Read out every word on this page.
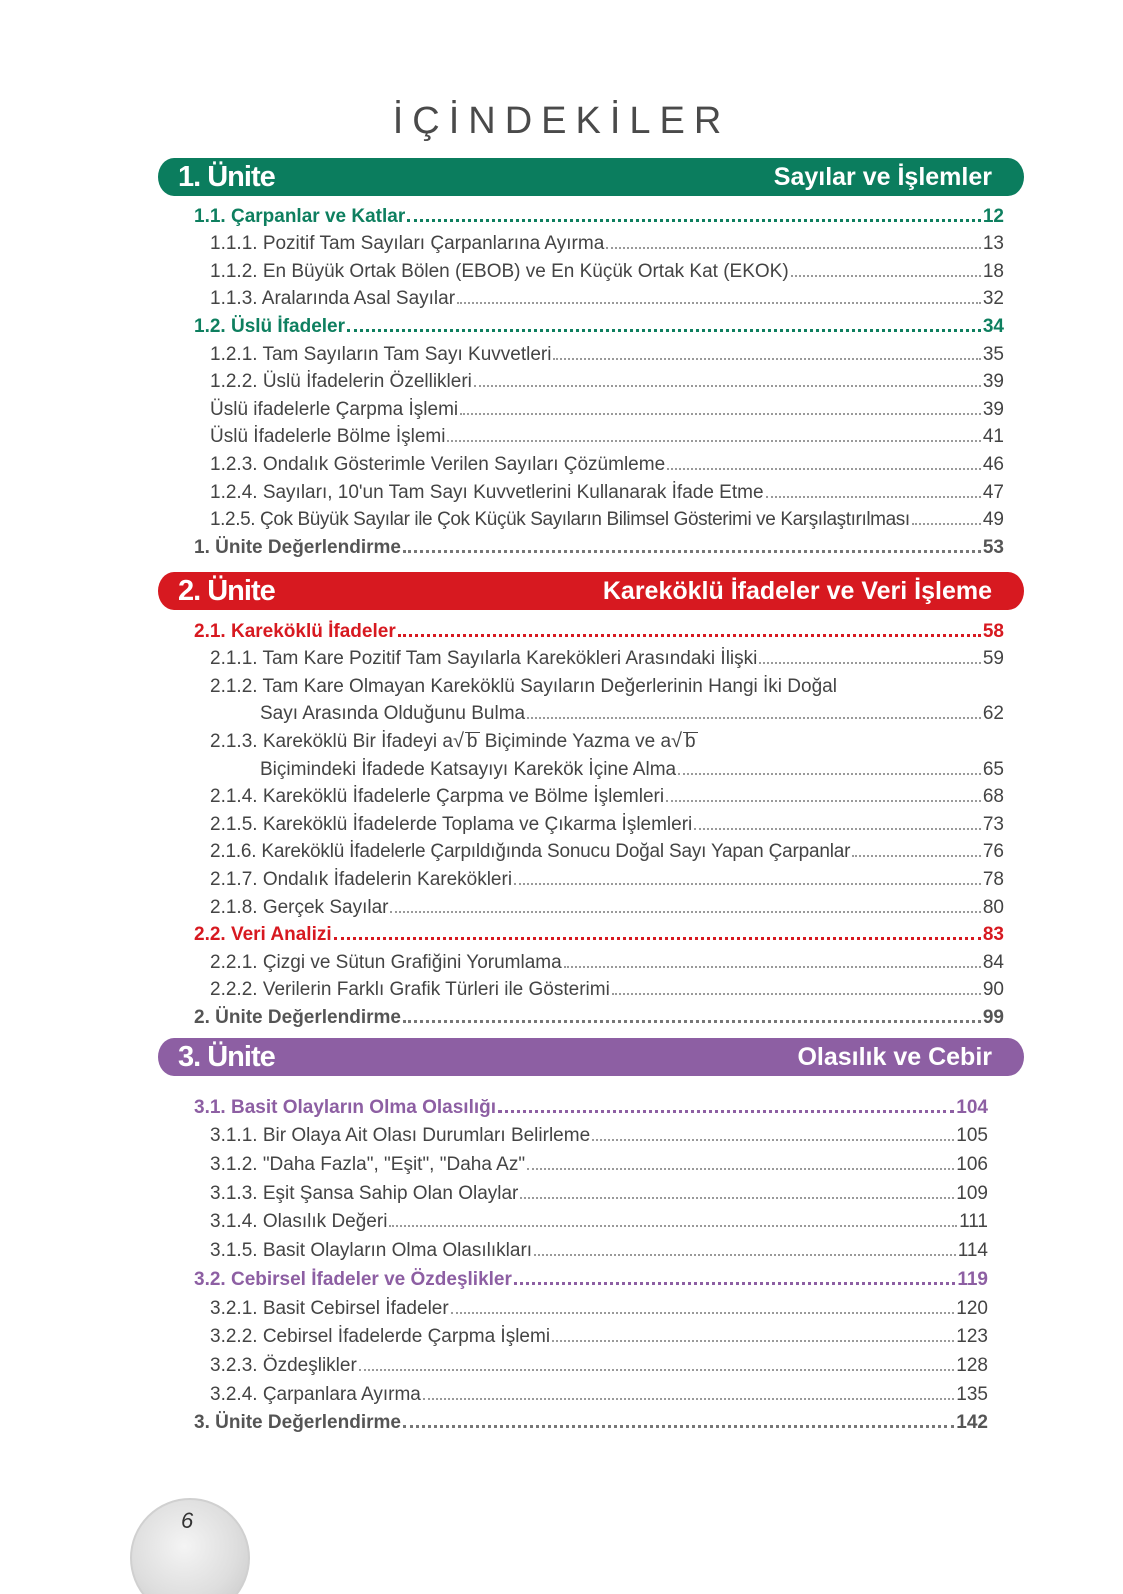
İÇİNDEKİLER
1. Ünite	Sayılar ve İşlemler
1.1. Çarpanlar ve Katlar	12
1.1.1. Pozitif Tam Sayıları Çarpanlarına Ayırma	13
1.1.2. En Büyük Ortak Bölen (EBOB) ve En Küçük Ortak Kat (EKOK)	18
1.1.3. Aralarında Asal Sayılar	32
1.2. Üslü İfadeler	34
1.2.1. Tam Sayıların Tam Sayı Kuvvetleri	35
1.2.2. Üslü İfadelerin Özellikleri	39
Üslü ifadelerle Çarpma İşlemi	39
Üslü İfadelerle Bölme İşlemi	41
1.2.3. Ondalık Gösterimle Verilen Sayıları Çözümleme	46
1.2.4. Sayıları, 10'un Tam Sayı Kuvvetlerini Kullanarak İfade Etme	47
1.2.5. Çok Büyük Sayılar ile Çok Küçük Sayıların Bilimsel Gösterimi ve Karşılaştırılması	49
1. Ünite Değerlendirme	53
2. Ünite	Kareköklü İfadeler ve Veri İşleme
2.1. Kareköklü İfadeler	58
2.1.1. Tam Kare Pozitif Tam Sayılarla Karekökleri Arasındaki İlişki	59
2.1.2. Tam Kare Olmayan Kareköklü Sayıların Değerlerinin Hangi İki Doğal
Sayı Arasında Olduğunu Bulma	62
2.1.3. Kareköklü Bir İfadeyi a√ b Biçiminde Yazma ve a√ b
Biçimindeki İfadede Katsayıyı Karekök İçine Alma	65
2.1.4. Kareköklü İfadelerle Çarpma ve Bölme İşlemleri	68
2.1.5. Kareköklü İfadelerde Toplama ve Çıkarma İşlemleri	73
2.1.6. Kareköklü İfadelerle Çarpıldığında Sonucu Doğal Sayı Yapan Çarpanlar	76
2.1.7. Ondalık İfadelerin Karekökleri	78
2.1.8. Gerçek Sayılar	80
2.2. Veri Analizi	83
2.2.1. Çizgi ve Sütun Grafiğini Yorumlama	84
2.2.2. Verilerin Farklı Grafik Türleri ile Gösterimi	90
2. Ünite Değerlendirme	99
3. Ünite	Olasılık ve Cebir
3.1. Basit Olayların Olma Olasılığı	104
3.1.1. Bir Olaya Ait Olası Durumları Belirleme	105
3.1.2. "Daha Fazla", "Eşit", "Daha Az"	106
3.1.3. Eşit Şansa Sahip Olan Olaylar	109
3.1.4. Olasılık Değeri	111
3.1.5. Basit Olayların Olma Olasılıkları	114
3.2. Cebirsel İfadeler ve Özdeşlikler	119
3.2.1. Basit Cebirsel İfadeler	120
3.2.2. Cebirsel İfadelerde Çarpma İşlemi	123
3.2.3. Özdeşlikler	128
3.2.4. Çarpanlara Ayırma	135
3. Ünite Değerlendirme	142
6
